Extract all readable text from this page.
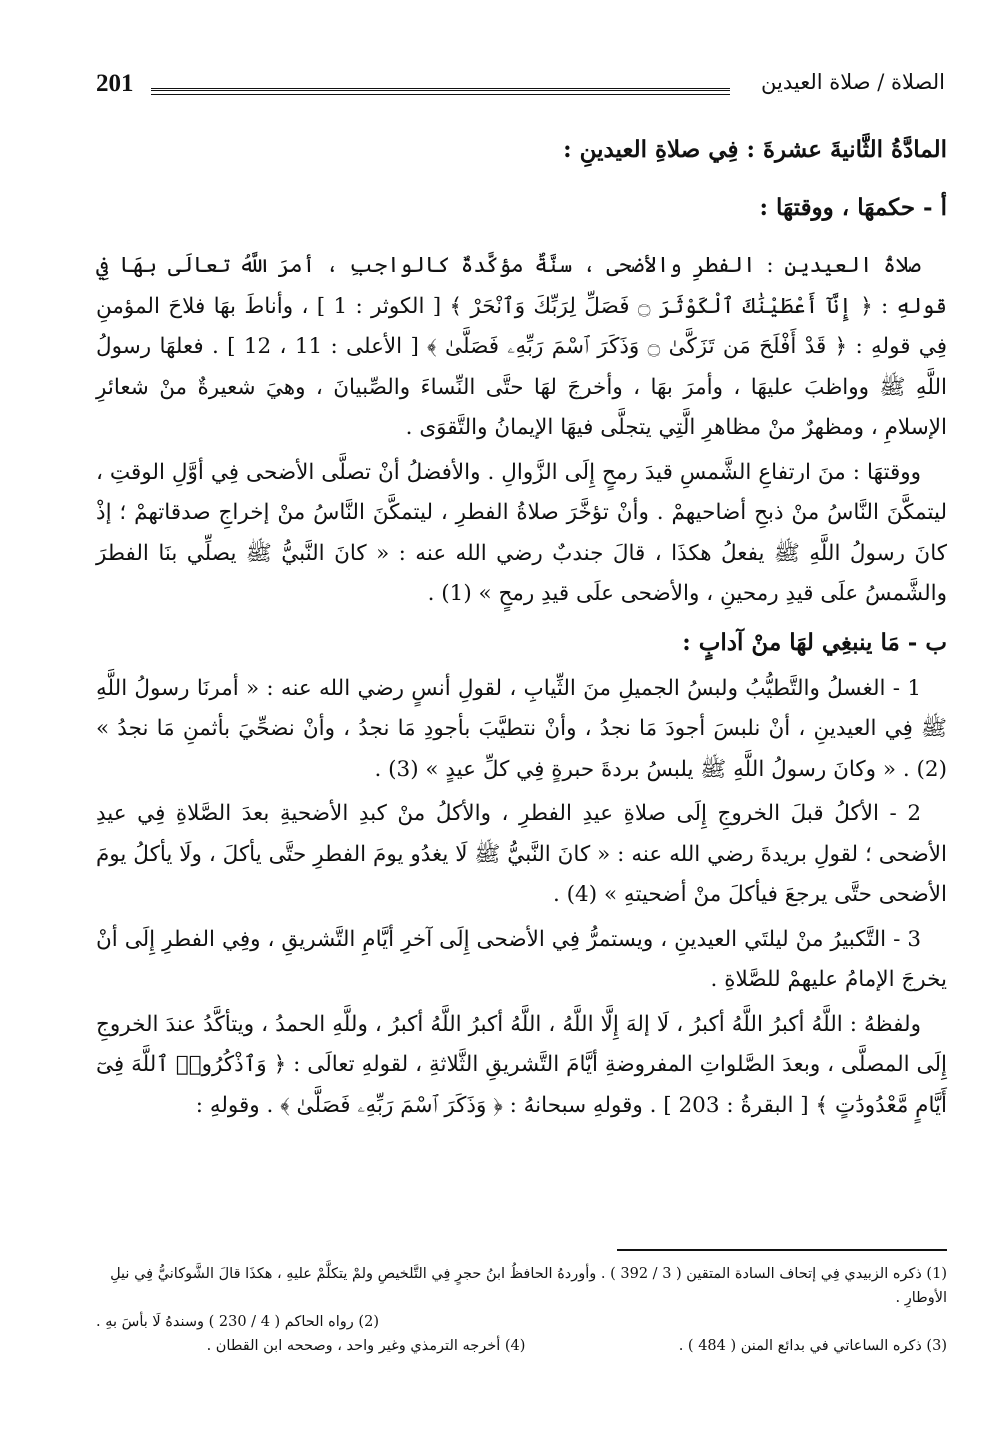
201	الصلاة / صلاة العيدين
المادَّةُ الثَّانيةَ عشرةَ : فِي صلاةِ العيدينِ :
أ - حكمهَا ، ووقتهَا :

صلاةُ العيدينِ : الفطرِ والأضحى ، سنَّةٌ مؤكَّدةٌ كالواجبِ ، أمرَ اللَّهُ تعالَى بهَا فِي قولهِ : ﴿ إِنَّآ أَعْطَيْنَٰكَ ٱلْكَوْثَرَ ۝ فَصَلِّ لِرَبِّكَ وَٱنْحَرْ ﴾ [ الكوثر : 1 ] ، وأناطَ بهَا فلاحَ المؤمنِ فِي قولهِ : ﴿ قَدْ أَفْلَحَ مَن تَزَكَّىٰ ۝ وَذَكَرَ ٱسْمَ رَبِّهِۦ فَصَلَّىٰ ﴾ [ الأعلى : 11 ، 12 ] . فعلهَا رسولُ اللَّهِ ﷺ وواظبَ عليهَا ، وأمرَ بهَا ، وأخرجَ لهَا حتَّى النِّساءَ والصِّبيانَ ، وهيَ شعيرةٌ منْ شعائرِ الإسلامِ ، ومظهرٌ منْ مظاهرِ الَّتِي يتجلَّى فيهَا الإيمانُ والتَّقوَى .

ووقتهَا : منَ ارتفاعِ الشَّمسِ قيدَ رمحٍ إِلَى الزَّوالِ . والأفضلُ أنْ تصلَّى الأضحى فِي أوَّلِ الوقتِ ، ليتمكَّنَ النَّاسُ منْ ذبحِ أضاحيهمْ . وأنْ تؤخَّرَ صلاةُ الفطرِ ، ليتمكَّنَ النَّاسُ منْ إخراجِ صدقاتهمْ ؛ إذْ كانَ رسولُ اللَّهِ ﷺ يفعلُ هكذَا ، قالَ جندبٌ رضي الله عنه : « كانَ النَّبيُّ ﷺ يصلِّي بنَا الفطرَ والشَّمسُ علَى قيدِ رمحينِ ، والأضحى علَى قيدِ رمحٍ » (1) .

ب - مَا ينبغِي لهَا منْ آدابٍ :

1 - الغسلُ والتَّطيُّبُ ولبسُ الجميلِ منَ الثِّيابِ ، لقولِ أنسٍ رضي الله عنه : « أمرنَا رسولُ اللَّهِ ﷺ فِي العيدينِ ، أنْ نلبسَ أجودَ مَا نجدُ ، وأنْ نتطيَّبَ بأجودِ مَا نجدُ ، وأنْ نضحِّيَ بأثمنِ مَا نجدُ » (2) . « وكانَ رسولُ اللَّهِ ﷺ يلبسُ بردةَ حبرةٍ فِي كلِّ عيدٍ » (3) .

2 - الأكلُ قبلَ الخروجِ إِلَى صلاةِ عيدِ الفطرِ ، والأكلُ منْ كبدِ الأضحيةِ بعدَ الصَّلاةِ فِي عيدِ الأضحى ؛ لقولِ بريدةَ رضي الله عنه : « كانَ النَّبيُّ ﷺ لَا يغدُو يومَ الفطرِ حتَّى يأكلَ ، ولَا يأكلُ يومَ الأضحى حتَّى يرجعَ فيأكلَ منْ أضحيتهِ » (4) .

3 - التَّكبيرُ منْ ليلتَي العيدينِ ، ويستمرُّ فِي الأضحى إِلَى آخرِ أيَّامِ التَّشريقِ ، وفِي الفطرِ إِلَى أنْ يخرجَ الإمامُ عليهمْ للصَّلاةِ .

ولفظهُ : اللَّهُ أكبرُ اللَّهُ أكبرُ ، لَا إلهَ إِلَّا اللَّهُ ، اللَّهُ أكبرُ اللَّهُ أكبرُ ، وللَّهِ الحمدُ ، ويتأكَّدُ عندَ الخروجِ إِلَى المصلَّى ، وبعدَ الصَّلواتِ المفروضةِ أيَّامَ التَّشريقِ الثَّلاثةِ ، لقولهِ تعالَى : ﴿ وَٱذْكُرُوا۟ ٱللَّهَ فِىٓ أَيَّامٍ مَّعْدُودَٰتٍ ﴾ [ البقرةُ : 203 ] . وقولهِ سبحانهُ : ﴿ وَذَكَرَ ٱسْمَ رَبِّهِۦ فَصَلَّىٰ ﴾ . وقولهِ :

(1) ذكره الزبيدي فِي إتحاف السادة المتقين ( 3 / 392 ) . وأوردهُ الحافظُ ابنُ حجرٍ فِي التَّلخيصِ ولمْ يتكلَّمْ عليهِ ، هكذَا قالَ الشَّوكانيُّ فِي نيلِ الأوطارِ .
(2) رواه الحاكم ( 4 / 230 ) وسندهُ لَا بأسَ بهِ .
(3) ذكره الساعاتي في بدائع المنن ( 484 ) . (4) أخرجه الترمذي وغير واحد ، وصححه ابن القطان .
